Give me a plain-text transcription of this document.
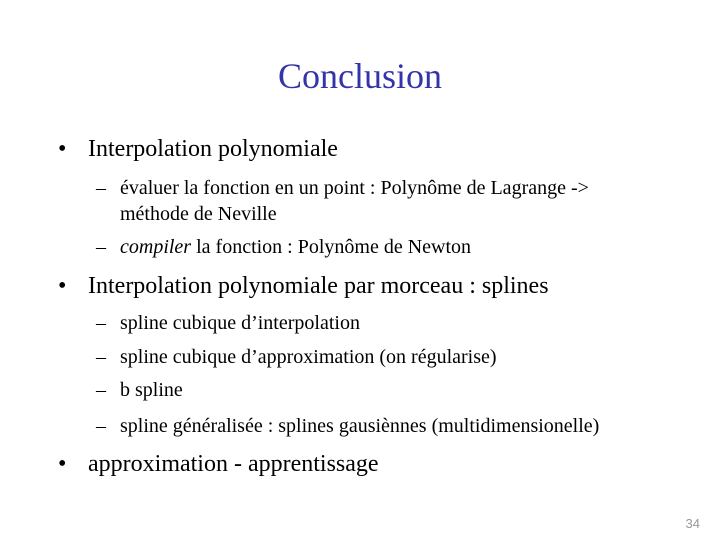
Conclusion
• Interpolation polynomiale
– évaluer la fonction en un point : Polynôme de Lagrange ->
méthode de Neville
– compiler la fonction : Polynôme de Newton
• Interpolation polynomiale par morceau : splines
– spline cubique d’interpolation
– spline cubique d’approximation (on régularise)
– b spline
– spline généralisée : splines gausiènnes (multidimensionelle)
• approximation - apprentissage
34
